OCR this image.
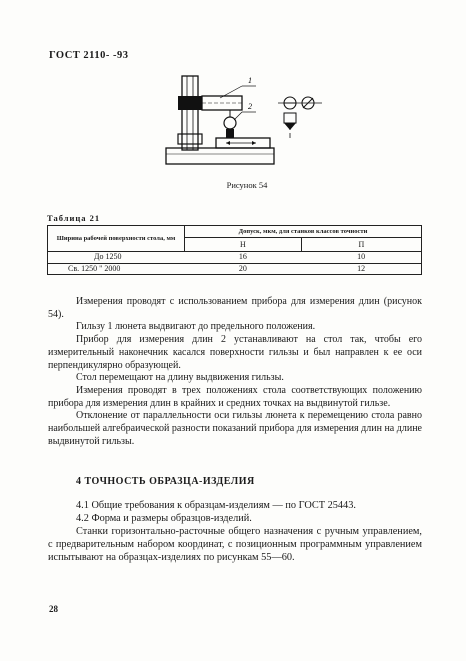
ГОСТ 2110- -93
1
2
Рисунок 54
Таблица 21
Ширина рабочей поверхности стола, мм	Допуск, мкм, для станков классов точности	
	Н	П
До 1250	16	10
Св. 1250 " 2000	20	12

Измерения проводят с использованием прибора для измерения длин (рисунок 54).

Гильзу 1 люнета выдвигают до предельного положения.

Прибор для измерения длин 2 устанавливают на стол так, чтобы его измерительный наконечник касался поверхности гильзы и был направлен к ее оси перпендикулярно образующей.

Стол перемещают на длину выдвижения гильзы.

Измерения проводят в трех положениях стола соответствующих положению прибора для измерения длин в крайних и средних точках на выдвинутой гильзе.

Отклонение от параллельности оси гильзы люнета к перемещению стола равно наибольшей алгебраической разности показаний прибора для измерения длин на длине выдвинутой гильзы.

4 ТОЧНОСТЬ ОБРАЗЦА-ИЗДЕЛИЯ

4.1 Общие требования к образцам-изделиям — по ГОСТ 25443.

4.2 Форма и размеры образцов-изделий.

Станки горизонтально-расточные общего назначения с ручным управлением, с предварительным набором координат, с позиционным программным управлением испытывают на образцах-изделиях по рисункам 55—60.

28
